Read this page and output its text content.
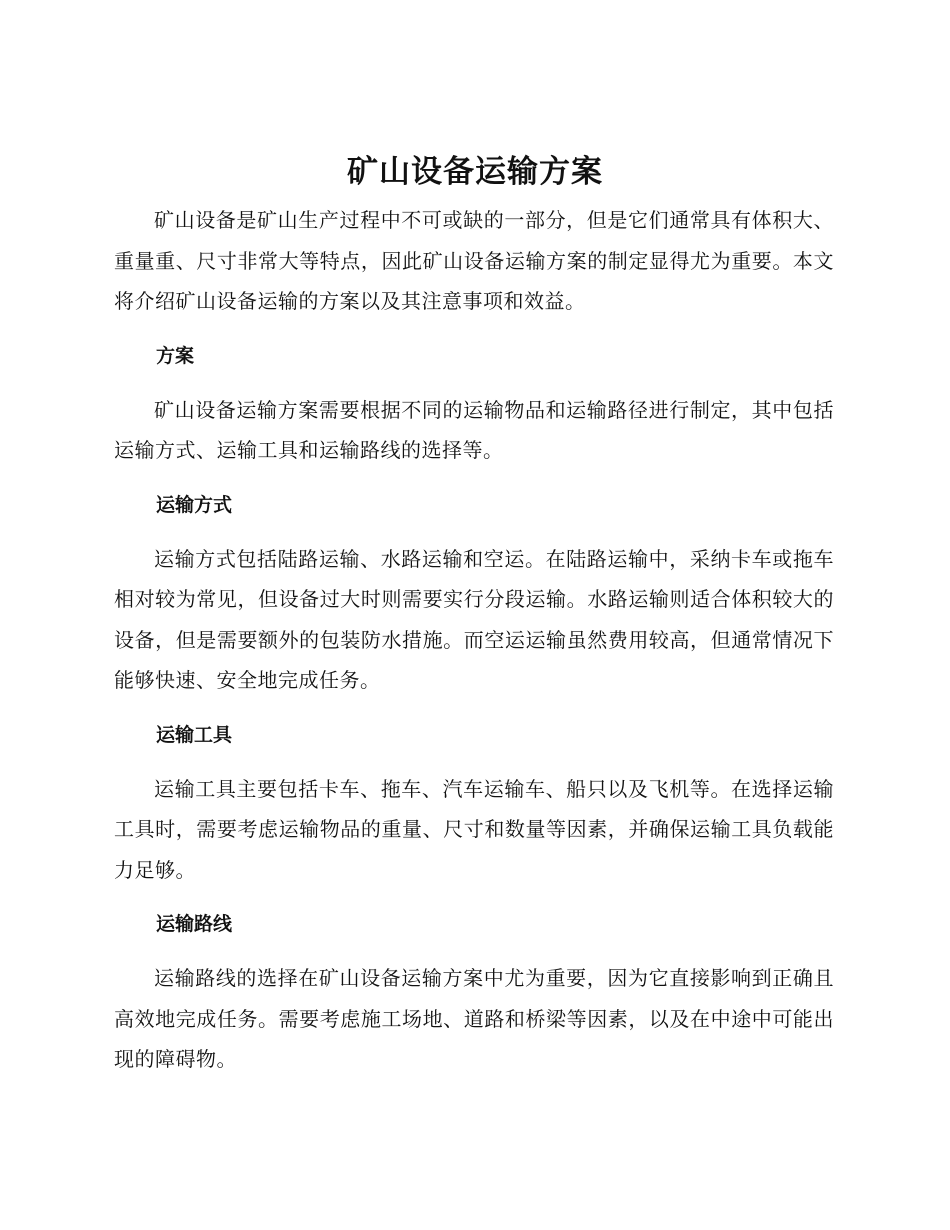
矿山设备运输方案

矿山设备是矿山生产过程中不可或缺的一部分，但是它们通常具有体积大、重量重、尺寸非常大等特点，因此矿山设备运输方案的制定显得尤为重要。本文将介绍矿山设备运输的方案以及其注意事项和效益。

方案

矿山设备运输方案需要根据不同的运输物品和运输路径进行制定，其中包括运输方式、运输工具和运输路线的选择等。

运输方式

运输方式包括陆路运输、水路运输和空运。在陆路运输中，采纳卡车或拖车相对较为常见，但设备过大时则需要实行分段运输。水路运输则适合体积较大的设备，但是需要额外的包装防水措施。而空运运输虽然费用较高，但通常情况下能够快速、安全地完成任务。

运输工具

运输工具主要包括卡车、拖车、汽车运输车、船只以及飞机等。在选择运输工具时，需要考虑运输物品的重量、尺寸和数量等因素，并确保运输工具负载能力足够。

运输路线

运输路线的选择在矿山设备运输方案中尤为重要，因为它直接影响到正确且高效地完成任务。需要考虑施工场地、道路和桥梁等因素，以及在中途中可能出现的障碍物。
